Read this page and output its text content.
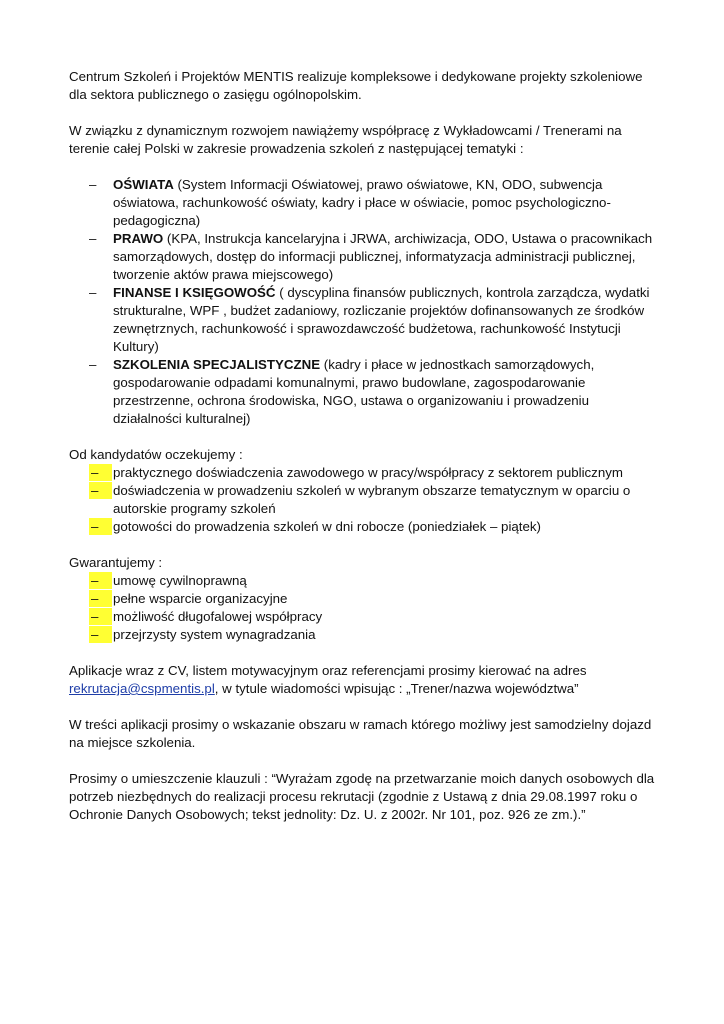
Centrum Szkoleń i Projektów MENTIS realizuje kompleksowe i dedykowane projekty szkoleniowe dla sektora publicznego o zasięgu ogólnopolskim.

W związku z dynamicznym rozwojem nawiążemy współpracę z Wykładowcami / Trenerami na terenie całej Polski w zakresie prowadzenia szkoleń z następującej tematyki :

– OŚWIATA (System Informacji Oświatowej, prawo oświatowe, KN, ODO, subwencja oświatowa, rachunkowość oświaty, kadry i płace w oświacie, pomoc psychologiczno-pedagogiczna)
– PRAWO (KPA, Instrukcja kancelaryjna i JRWA, archiwizacja, ODO, Ustawa o pracownikach samorządowych, dostęp do informacji publicznej, informatyzacja administracji publicznej, tworzenie aktów prawa miejscowego)
– FINANSE I KSIĘGOWOŚĆ ( dyscyplina finansów publicznych, kontrola zarządcza, wydatki strukturalne, WPF , budżet zadaniowy, rozliczanie projektów dofinansowanych ze środków zewnętrznych, rachunkowość i sprawozdawczość budżetowa, rachunkowość Instytucji Kultury)
– SZKOLENIA SPECJALISTYCZNE (kadry i płace w jednostkach samorządowych, gospodarowanie odpadami komunalnymi, prawo budowlane, zagospodarowanie przestrzenne, ochrona środowiska, NGO, ustawa o organizowaniu i prowadzeniu działalności kulturalnej)

Od kandydatów oczekujemy :

–	praktycznego doświadczenia zawodowego w pracy/współpracy z sektorem publicznym
–	doświadczenia w prowadzeniu szkoleń w wybranym obszarze tematycznym w oparciu o autorskie programy szkoleń
–	gotowości do prowadzenia szkoleń w dni robocze (poniedziałek – piątek)

Gwarantujemy :

–	umowę cywilnoprawną
–	pełne wsparcie organizacyjne
–	możliwość długofalowej współpracy
–	przejrzysty system wynagradzania

Aplikacje wraz z CV, listem motywacyjnym oraz referencjami prosimy kierować na adres rekrutacja@cspmentis.pl, w tytule wiadomości wpisując : „Trener/nazwa województwa”

W treści aplikacji prosimy o wskazanie obszaru w ramach którego możliwy jest samodzielny dojazd na miejsce szkolenia.

Prosimy o umieszczenie klauzuli : “Wyrażam zgodę na przetwarzanie moich danych osobowych dla potrzeb niezbędnych do realizacji procesu rekrutacji (zgodnie z Ustawą z dnia 29.08.1997 roku o Ochronie Danych Osobowych; tekst jednolity: Dz. U. z 2002r. Nr 101, poz. 926 ze zm.).”
